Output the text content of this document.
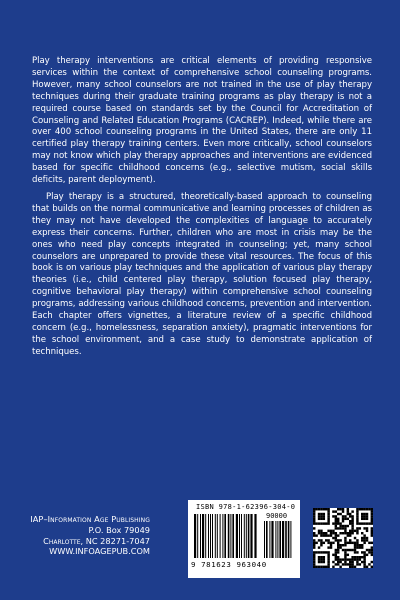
Play therapy interventions are critical elements of providing responsive services within the context of comprehensive school counseling programs. However, many school counselors are not trained in the use of play therapy techniques during their graduate training programs as play therapy is not a required course based on standards set by the Council for Accreditation of Counseling and Related Education Programs (CACREP). Indeed, while there are over 400 school counseling programs in the United States, there are only 11 certified play therapy training centers. Even more critically, school counselors may not know which play therapy approaches and interventions are evidenced based for specific childhood concerns (e.g., selective mutism, social skills deficits, parent deployment).

Play therapy is a structured, theoretically-based approach to counseling that builds on the normal communicative and learning processes of children as they may not have developed the complexities of language to accurately express their concerns. Further, children who are most in crisis may be the ones who need play concepts integrated in counseling; yet, many school counselors are unprepared to provide these vital resources. The focus of this book is on various play techniques and the application of various play therapy theories (i.e., child centered play therapy, solution focused play therapy, cognitive behavioral play therapy) within comprehensive school counseling programs, addressing various childhood concerns, prevention and intervention. Each chapter offers vignettes, a literature review of a specific childhood concern (e.g., homelessness, separation anxiety), pragmatic interventions for the school environment, and a case study to demonstrate application of techniques.

IAP–Information Age Publishing
P.O. Box 79049
Charlotte, NC 28271-7047
WWW.INFOAGEPUB.COM
ISBN 978-1-62396-304-0
90000
9 781623 963040
